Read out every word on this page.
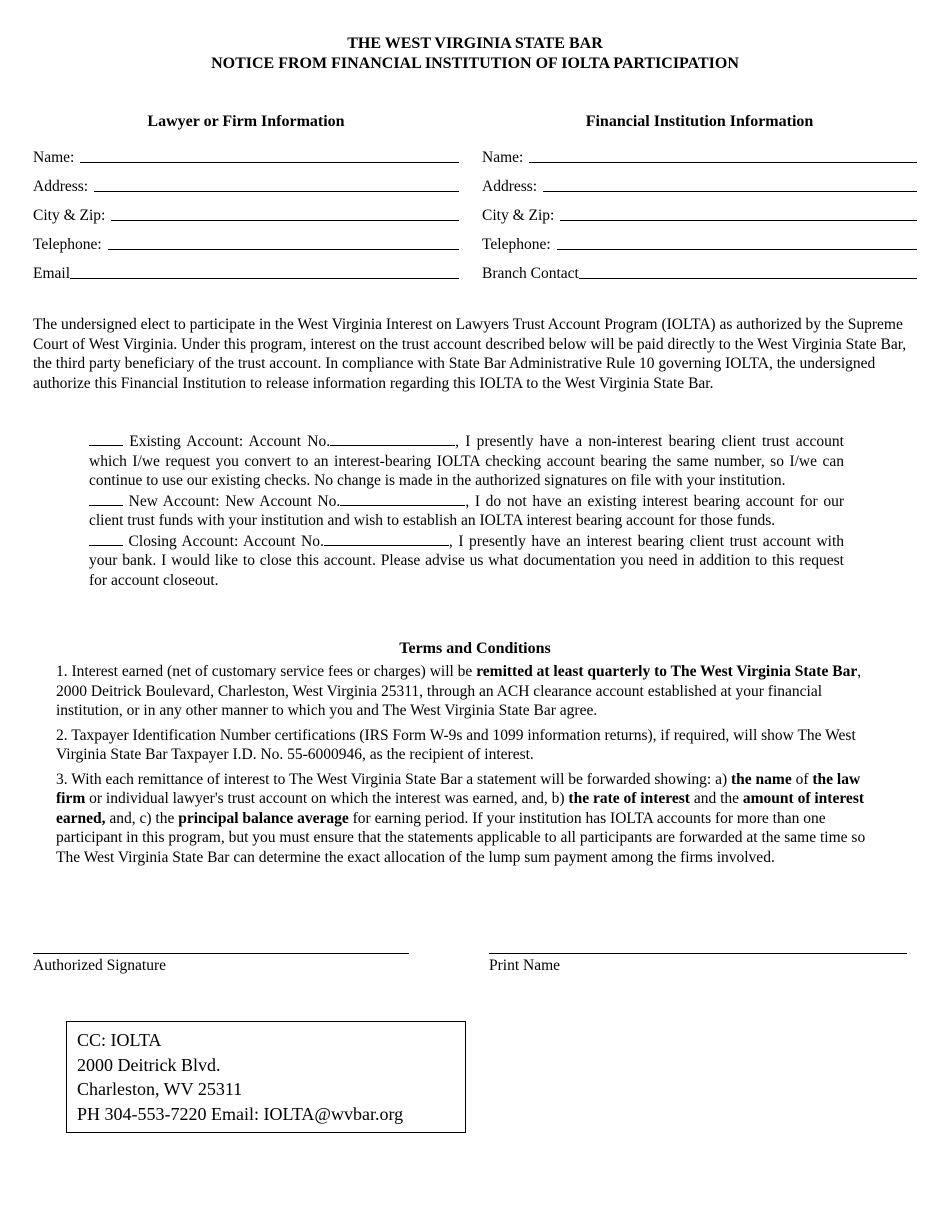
THE WEST VIRGINIA STATE BAR
NOTICE FROM FINANCIAL INSTITUTION OF IOLTA PARTICIPATION
Lawyer or Firm Information
Name:
Address:
City & Zip:
Telephone:
Email
Financial Institution Information
Name:
Address:
City & Zip:
Telephone:
Branch Contact

The undersigned elect to participate in the West Virginia Interest on Lawyers Trust Account Program (IOLTA) as authorized by the Supreme Court of West Virginia. Under this program, interest on the trust account described below will be paid directly to the West Virginia State Bar, the third party beneficiary of the trust account. In compliance with State Bar Administrative Rule 10 governing IOLTA, the undersigned authorize this Financial Institution to release information regarding this IOLTA to the West Virginia State Bar.

Existing Account: Account No.	, I presently have a non-interest bearing client trust account which I/we request you convert to an interest-bearing IOLTA checking account bearing the same number, so I/we can continue to use our existing checks. No change is made in the authorized signatures on file with your institution.

New Account: New Account No.	, I do not have an existing interest bearing account for our client trust funds with your institution and wish to establish an IOLTA interest bearing account for those funds.

Closing Account: Account No.	, I presently have an interest bearing client trust account with your bank. I would like to close this account. Please advise us what documentation you need in addition to this request for account closeout.

Terms and Conditions

1. Interest earned (net of customary service fees or charges) will be remitted at least quarterly to The West Virginia State Bar, 2000 Deitrick Boulevard, Charleston, West Virginia 25311, through an ACH clearance account established at your financial institution, or in any other manner to which you and The West Virginia State Bar agree.

2. Taxpayer Identification Number certifications (IRS Form W-9s and 1099 information returns), if required, will show The West Virginia State Bar Taxpayer I.D. No. 55-6000946, as the recipient of interest.

3. With each remittance of interest to The West Virginia State Bar a statement will be forwarded showing: a) the name of the law firm or individual lawyer's trust account on which the interest was earned, and, b) the rate of interest and the amount of interest earned, and, c) the principal balance average for earning period. If your institution has IOLTA accounts for more than one participant in this program, but you must ensure that the statements applicable to all participants are forwarded at the same time so The West Virginia State Bar can determine the exact allocation of the lump sum payment among the firms involved.

Authorized Signature	Print Name
CC: IOLTA
2000 Deitrick Blvd.
Charleston, WV 25311
PH 304-553-7220 Email: IOLTA@wvbar.org
